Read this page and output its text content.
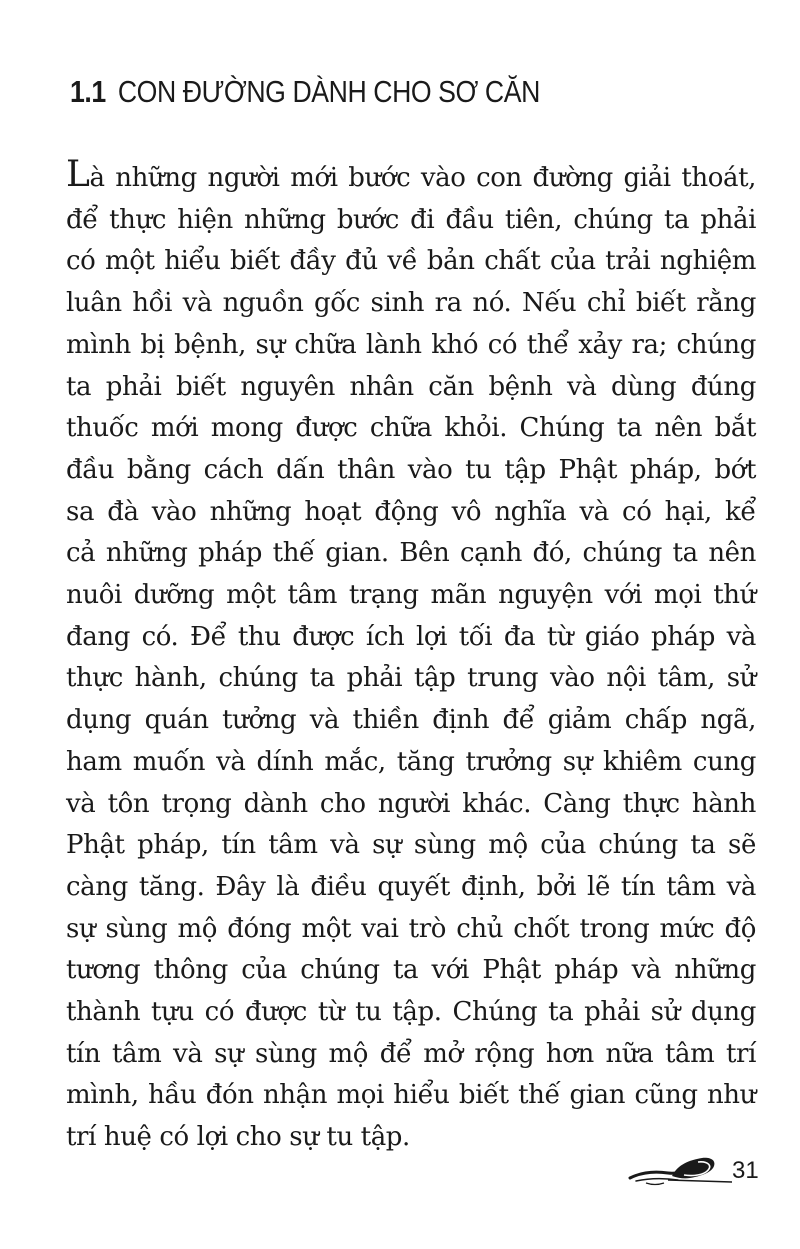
1.1 CON ĐƯỜNG DÀNH CHO SƠ CĂN
Là những người mới bước vào con đường giải thoát,
để thực hiện những bước đi đầu tiên, chúng ta phải
có một hiểu biết đầy đủ về bản chất của trải nghiệm
luân hồi và nguồn gốc sinh ra nó. Nếu chỉ biết rằng
mình bị bệnh, sự chữa lành khó có thể xảy ra; chúng
ta phải biết nguyên nhân căn bệnh và dùng đúng
thuốc mới mong được chữa khỏi. Chúng ta nên bắt
đầu bằng cách dấn thân vào tu tập Phật pháp, bớt
sa đà vào những hoạt động vô nghĩa và có hại, kể
cả những pháp thế gian. Bên cạnh đó, chúng ta nên
nuôi dưỡng một tâm trạng mãn nguyện với mọi thứ
đang có. Để thu được ích lợi tối đa từ giáo pháp và
thực hành, chúng ta phải tập trung vào nội tâm, sử
dụng quán tưởng và thiền định để giảm chấp ngã,
ham muốn và dính mắc, tăng trưởng sự khiêm cung
và tôn trọng dành cho người khác. Càng thực hành
Phật pháp, tín tâm và sự sùng mộ của chúng ta sẽ
càng tăng. Đây là điều quyết định, bởi lẽ tín tâm và
sự sùng mộ đóng một vai trò chủ chốt trong mức độ
tương thông của chúng ta với Phật pháp và những
thành tựu có được từ tu tập. Chúng ta phải sử dụng
tín tâm và sự sùng mộ để mở rộng hơn nữa tâm trí
mình, hầu đón nhận mọi hiểu biết thế gian cũng như
trí huệ có lợi cho sự tu tập.
31
